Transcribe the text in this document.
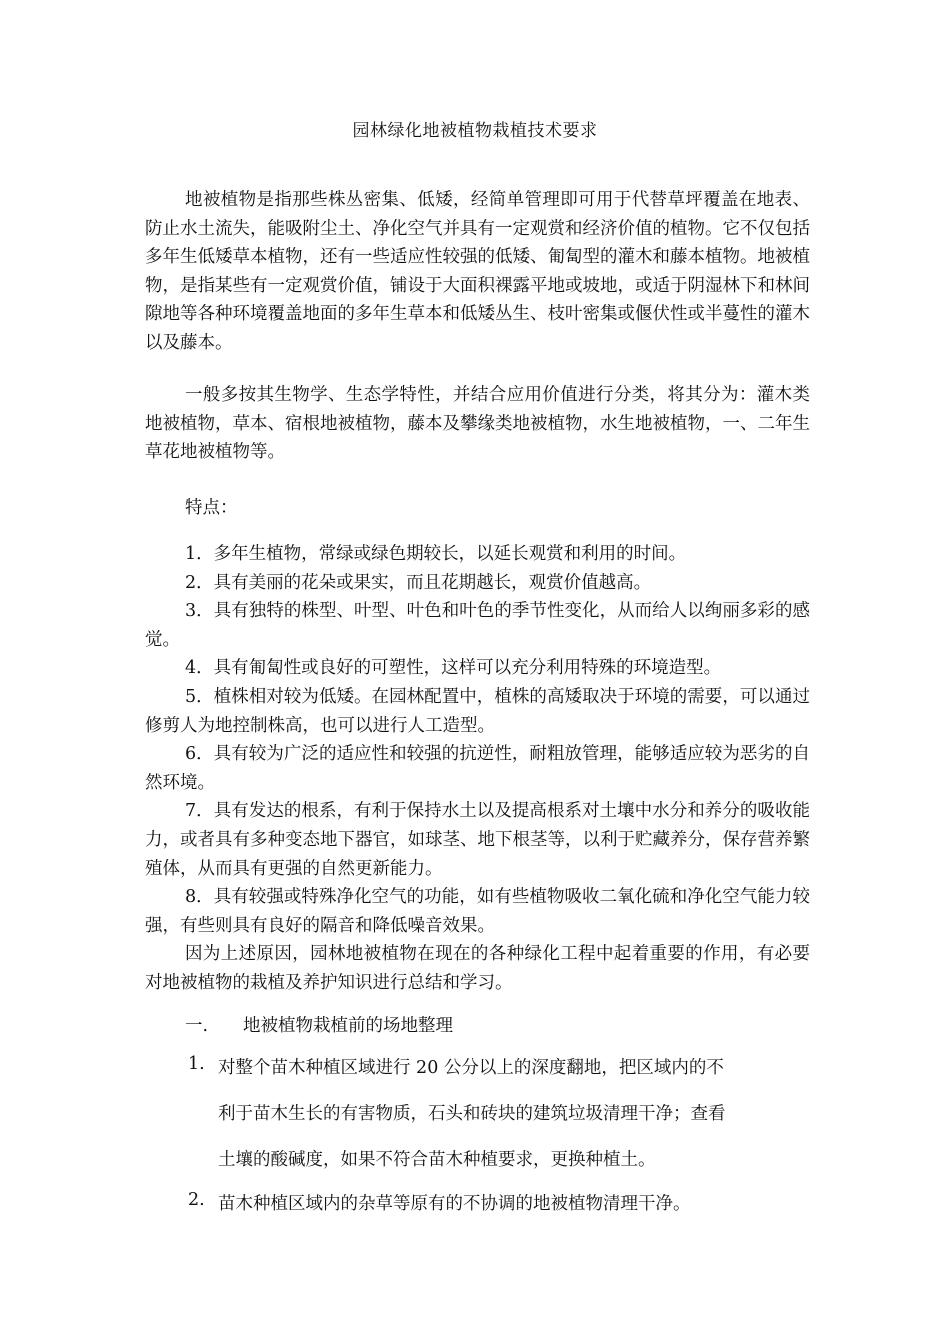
园林绿化地被植物栽植技术要求

地被植物是指那些株丛密集、低矮，经简单管理即可用于代替草坪覆盖在地表、防止水土流失，能吸附尘土、净化空气并具有一定观赏和经济价值的植物。它不仅包括多年生低矮草本植物，还有一些适应性较强的低矮、匍匐型的灌木和藤本植物。地被植物，是指某些有一定观赏价值，铺设于大面积裸露平地或坡地，或适于阴湿林下和林间隙地等各种环境覆盖地面的多年生草本和低矮丛生、枝叶密集或偃伏性或半蔓性的灌木以及藤本。

一般多按其生物学、生态学特性，并结合应用价值进行分类，将其分为：灌木类地被植物，草本、宿根地被植物，藤本及攀缘类地被植物，水生地被植物，一、二年生草花地被植物等。

特点：

1．多年生植物，常绿或绿色期较长，以延长观赏和利用的时间。

2．具有美丽的花朵或果实，而且花期越长，观赏价值越高。

3．具有独特的株型、叶型、叶色和叶色的季节性变化，从而给人以绚丽多彩的感觉。

4．具有匍匐性或良好的可塑性，这样可以充分利用特殊的环境造型。

5．植株相对较为低矮。在园林配置中，植株的高矮取决于环境的需要，可以通过修剪人为地控制株高，也可以进行人工造型。

6．具有较为广泛的适应性和较强的抗逆性，耐粗放管理，能够适应较为恶劣的自然环境。

7．具有发达的根系，有利于保持水土以及提高根系对土壤中水分和养分的吸收能力，或者具有多种变态地下器官，如球茎、地下根茎等，以利于贮藏养分，保存营养繁殖体，从而具有更强的自然更新能力。

8．具有较强或特殊净化空气的功能，如有些植物吸收二氧化硫和净化空气能力较强，有些则具有良好的隔音和降低噪音效果。

因为上述原因，园林地被植物在现在的各种绿化工程中起着重要的作用，有必要对地被植物的栽植及养护知识进行总结和学习。

一. 地被植物栽植前的场地整理
1. 对整个苗木种植区域进行 20 公分以上的深度翻地，把区域内的不
利于苗木生长的有害物质，石头和砖块的建筑垃圾清理干净；查看
土壤的酸碱度，如果不符合苗木种植要求，更换种植土。
2. 苗木种植区域内的杂草等原有的不协调的地被植物清理干净。
